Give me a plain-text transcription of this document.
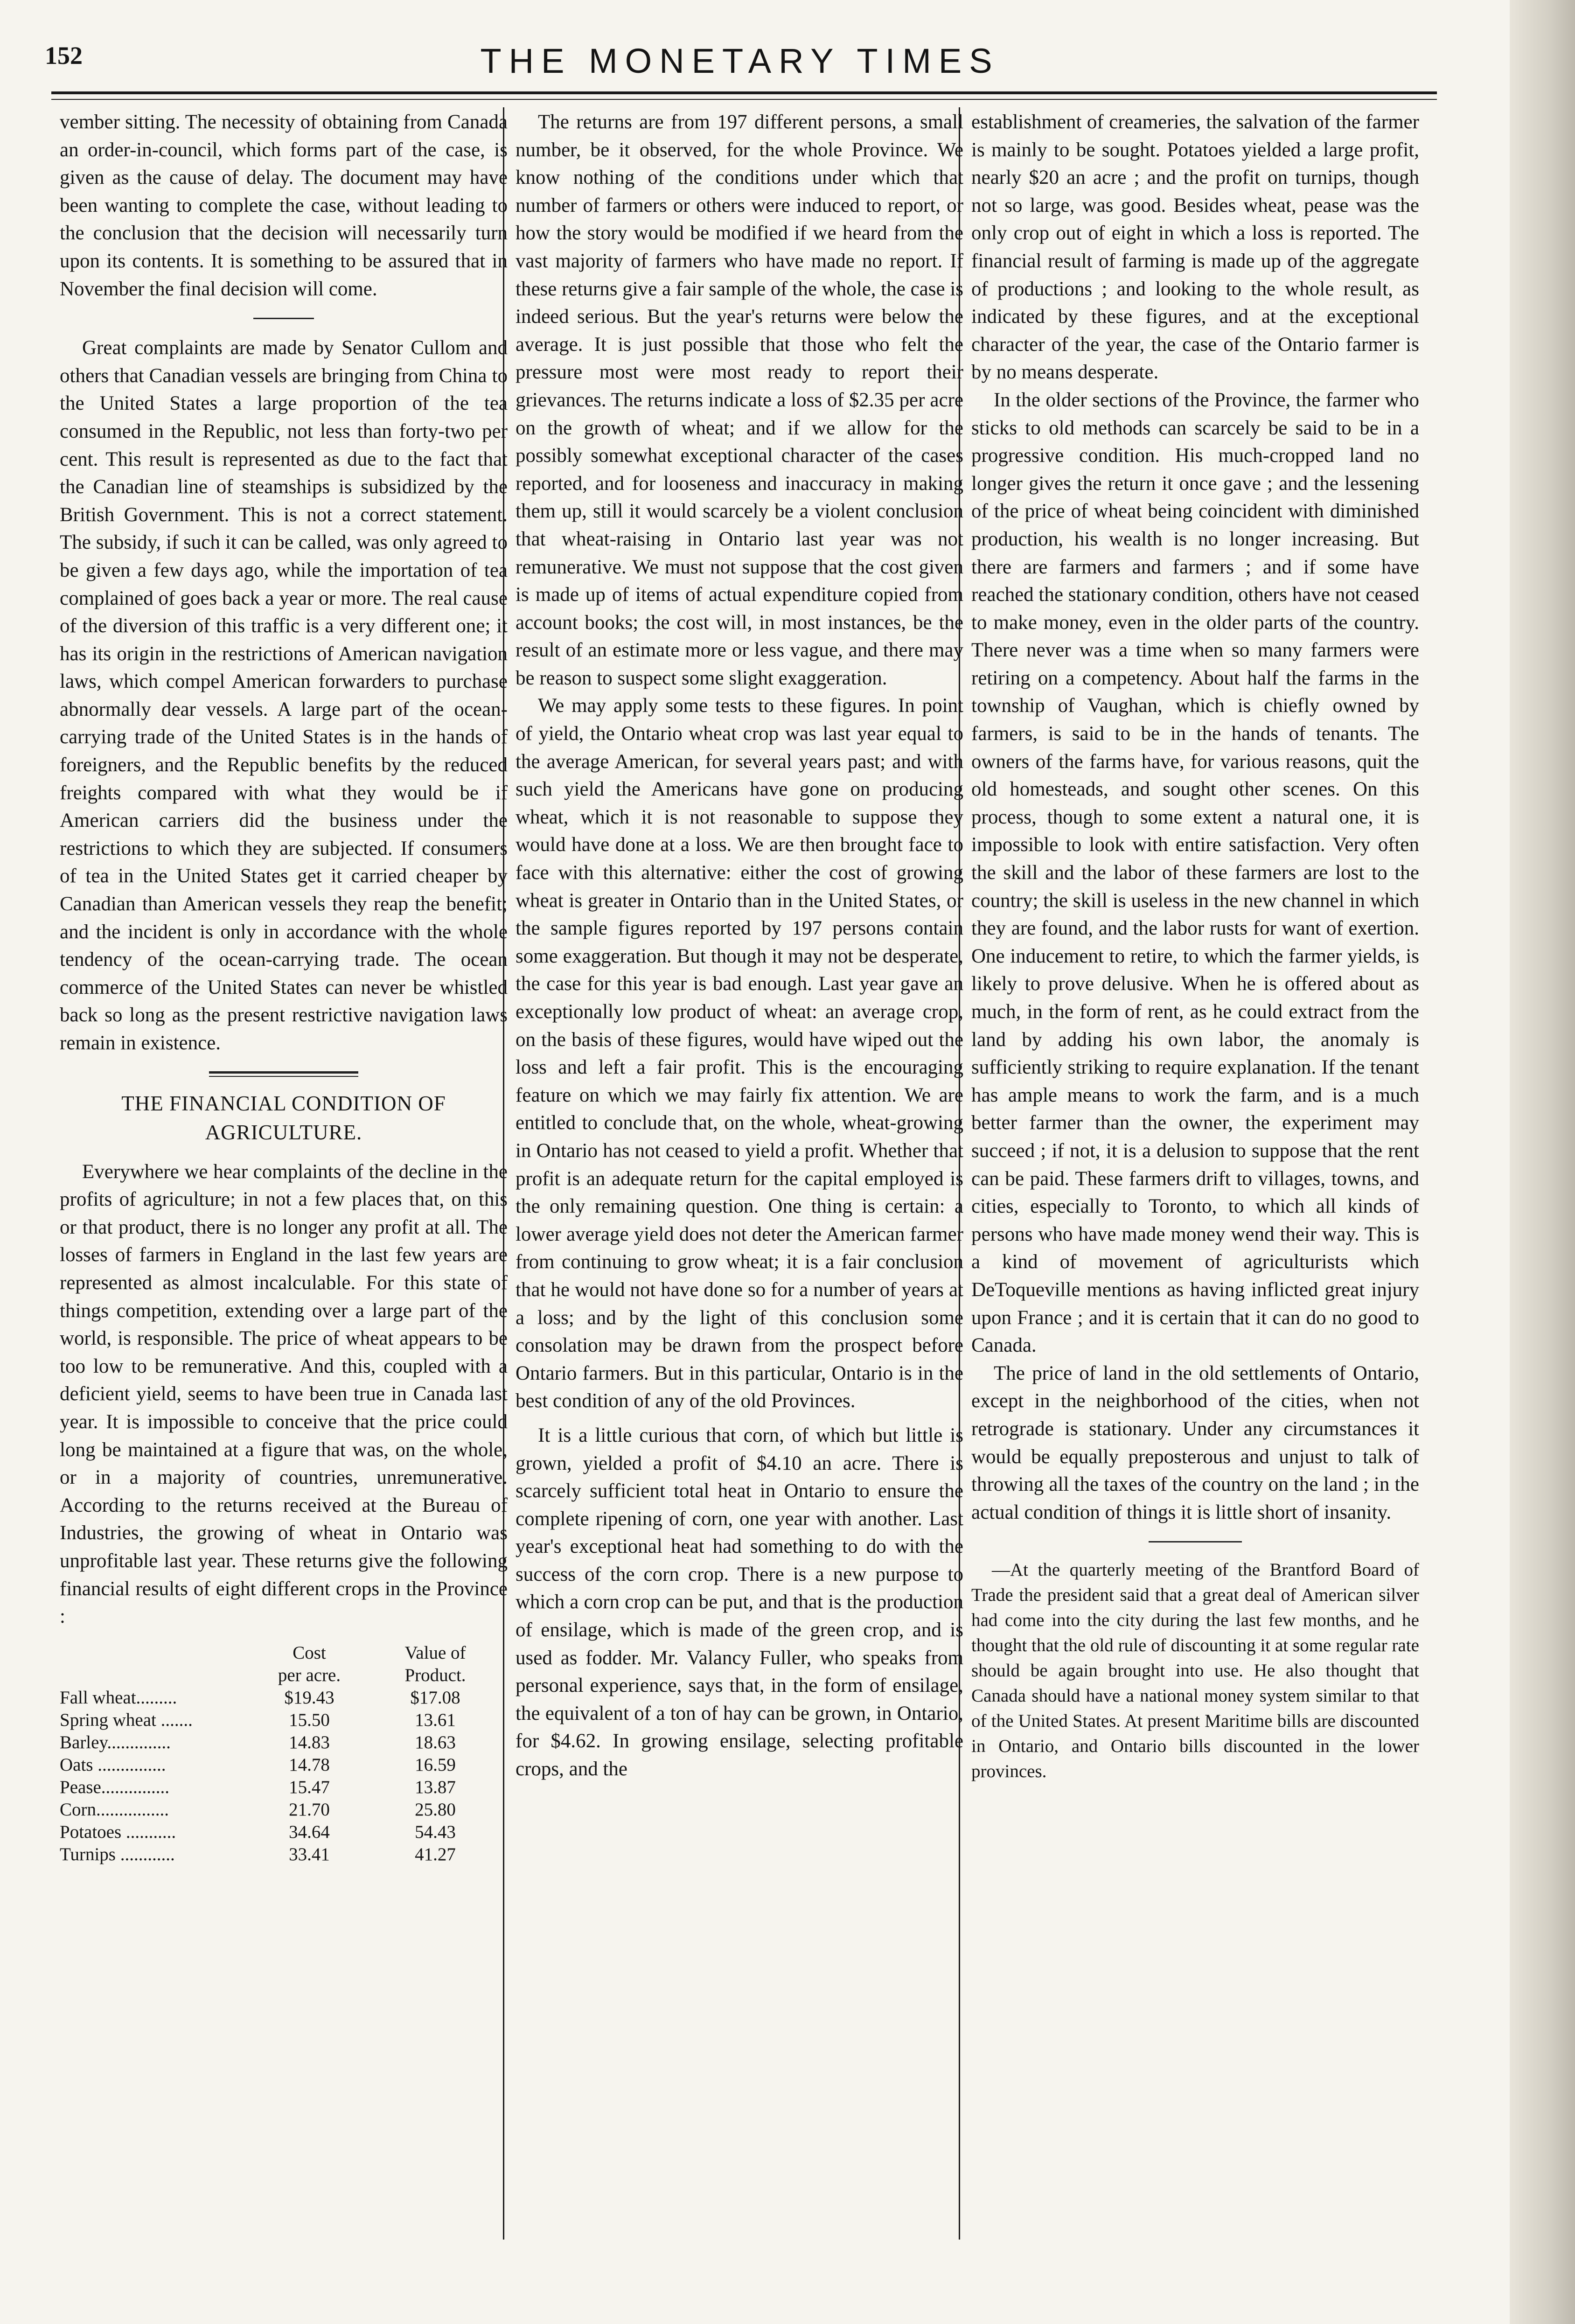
152	THE MONETARY TIMES

vember sitting. The necessity of obtaining from Canada an order-in-council, which forms part of the case, is given as the cause of delay. The document may have been wanting to complete the case, without leading to the conclusion that the decision will necessarily turn upon its contents. It is something to be assured that in November the final decision will come.

Great complaints are made by Senator Cullom and others that Canadian vessels are bringing from China to the United States a large proportion of the tea consumed in the Republic, not less than forty-two per cent. This result is represented as due to the fact that the Canadian line of steamships is subsidized by the British Government. This is not a correct statement. The subsidy, if such it can be called, was only agreed to be given a few days ago, while the importation of tea complained of goes back a year or more. The real cause of the diversion of this traffic is a very different one; it has its origin in the restrictions of American navigation laws, which compel American forwarders to purchase abnormally dear vessels. A large part of the ocean-carrying trade of the United States is in the hands of foreigners, and the Republic benefits by the reduced freights compared with what they would be if American carriers did the business under the restrictions to which they are subjected. If consumers of tea in the United States get it carried cheaper by Canadian than American vessels they reap the benefit; and the incident is only in accordance with the whole tendency of the ocean-carrying trade. The ocean commerce of the United States can never be whistled back so long as the present restrictive navigation laws remain in existence.

THE FINANCIAL CONDITION OF
AGRICULTURE.

Everywhere we hear complaints of the decline in the profits of agriculture; in not a few places that, on this or that product, there is no longer any profit at all. The losses of farmers in England in the last few years are represented as almost incalculable. For this state of things competition, extending over a large part of the world, is responsible. The price of wheat appears to be too low to be remunerative. And this, coupled with a deficient yield, seems to have been true in Canada last year. It is impossible to conceive that the price could long be maintained at a figure that was, on the whole, or in a majority of countries, unremunerative. According to the returns received at the Bureau of Industries, the growing of wheat in Ontario was unprofitable last year. These returns give the following financial results of eight different crops in the Province :

	Cost		Value of
	per acre.		Product.
Fall wheat.........	$19.43		$17.08
Spring wheat .......	15.50		13.61
Barley..............	14.83		18.63
Oats ...............	14.78		16.59
Pease...............	15.47		13.87
Corn................	21.70		25.80
Potatoes ...........	34.64		54.43
Turnips ............	33.41		41.27

The returns are from 197 different persons, a small number, be it observed, for the whole Province. We know nothing of the conditions under which that number of farmers or others were induced to report, or how the story would be modified if we heard from the vast majority of farmers who have made no report. If these returns give a fair sample of the whole, the case is indeed serious. But the year's returns were below the average. It is just possible that those who felt the pressure most were most ready to report their grievances. The returns indicate a loss of $2.35 per acre on the growth of wheat; and if we allow for the possibly somewhat exceptional character of the cases reported, and for looseness and inaccuracy in making them up, still it would scarcely be a violent conclusion that wheat-raising in Ontario last year was not remunerative. We must not suppose that the cost given is made up of items of actual expenditure copied from account books; the cost will, in most instances, be the result of an estimate more or less vague, and there may be reason to suspect some slight exaggeration.

We may apply some tests to these figures. In point of yield, the Ontario wheat crop was last year equal to the average American, for several years past; and with such yield the Americans have gone on producing wheat, which it is not reasonable to suppose they would have done at a loss. We are then brought face to face with this alternative: either the cost of growing wheat is greater in Ontario than in the United States, or the sample figures reported by 197 persons contain some exaggeration. But though it may not be desperate, the case for this year is bad enough. Last year gave an exceptionally low product of wheat: an average crop, on the basis of these figures, would have wiped out the loss and left a fair profit. This is the encouraging feature on which we may fairly fix attention. We are entitled to conclude that, on the whole, wheat-growing in Ontario has not ceased to yield a profit. Whether that profit is an adequate return for the capital employed is the only remaining question. One thing is certain: a lower average yield does not deter the American farmer from continuing to grow wheat; it is a fair conclusion that he would not have done so for a number of years at a loss; and by the light of this conclusion some consolation may be drawn from the prospect before Ontario farmers. But in this particular, Ontario is in the best condition of any of the old Provinces.

It is a little curious that corn, of which but little is grown, yielded a profit of $4.10 an acre. There is scarcely sufficient total heat in Ontario to ensure the complete ripening of corn, one year with another. Last year's exceptional heat had something to do with the success of the corn crop. There is a new purpose to which a corn crop can be put, and that is the production of ensilage, which is made of the green crop, and is used as fodder. Mr. Valancy Fuller, who speaks from personal experience, says that, in the form of ensilage, the equivalent of a ton of hay can be grown, in Ontario, for $4.62. In growing ensilage, selecting profitable crops, and the

establishment of creameries, the salvation of the farmer is mainly to be sought. Potatoes yielded a large profit, nearly $20 an acre ; and the profit on turnips, though not so large, was good. Besides wheat, pease was the only crop out of eight in which a loss is reported. The financial result of farming is made up of the aggregate of productions ; and looking to the whole result, as indicated by these figures, and at the exceptional character of the year, the case of the Ontario farmer is by no means desperate.

In the older sections of the Province, the farmer who sticks to old methods can scarcely be said to be in a progressive condition. His much-cropped land no longer gives the return it once gave ; and the lessening of the price of wheat being coincident with diminished production, his wealth is no longer increasing. But there are farmers and farmers ; and if some have reached the stationary condition, others have not ceased to make money, even in the older parts of the country. There never was a time when so many farmers were retiring on a competency. About half the farms in the township of Vaughan, which is chiefly owned by farmers, is said to be in the hands of tenants. The owners of the farms have, for various reasons, quit the old homesteads, and sought other scenes. On this process, though to some extent a natural one, it is impossible to look with entire satisfaction. Very often the skill and the labor of these farmers are lost to the country; the skill is useless in the new channel in which they are found, and the labor rusts for want of exertion. One inducement to retire, to which the farmer yields, is likely to prove delusive. When he is offered about as much, in the form of rent, as he could extract from the land by adding his own labor, the anomaly is sufficiently striking to require explanation. If the tenant has ample means to work the farm, and is a much better farmer than the owner, the experiment may succeed ; if not, it is a delusion to suppose that the rent can be paid. These farmers drift to villages, towns, and cities, especially to Toronto, to which all kinds of persons who have made money wend their way. This is a kind of movement of agriculturists which DeToqueville mentions as having inflicted great injury upon France ; and it is certain that it can do no good to Canada.

The price of land in the old settlements of Ontario, except in the neighborhood of the cities, when not retrograde is stationary. Under any circumstances it would be equally preposterous and unjust to talk of throwing all the taxes of the country on the land ; in the actual condition of things it is little short of insanity.

—At the quarterly meeting of the Brantford Board of Trade the president said that a great deal of American silver had come into the city during the last few months, and he thought that the old rule of discounting it at some regular rate should be again brought into use. He also thought that Canada should have a national money system similar to that of the United States. At present Maritime bills are discounted in Ontario, and Ontario bills discounted in the lower provinces.
